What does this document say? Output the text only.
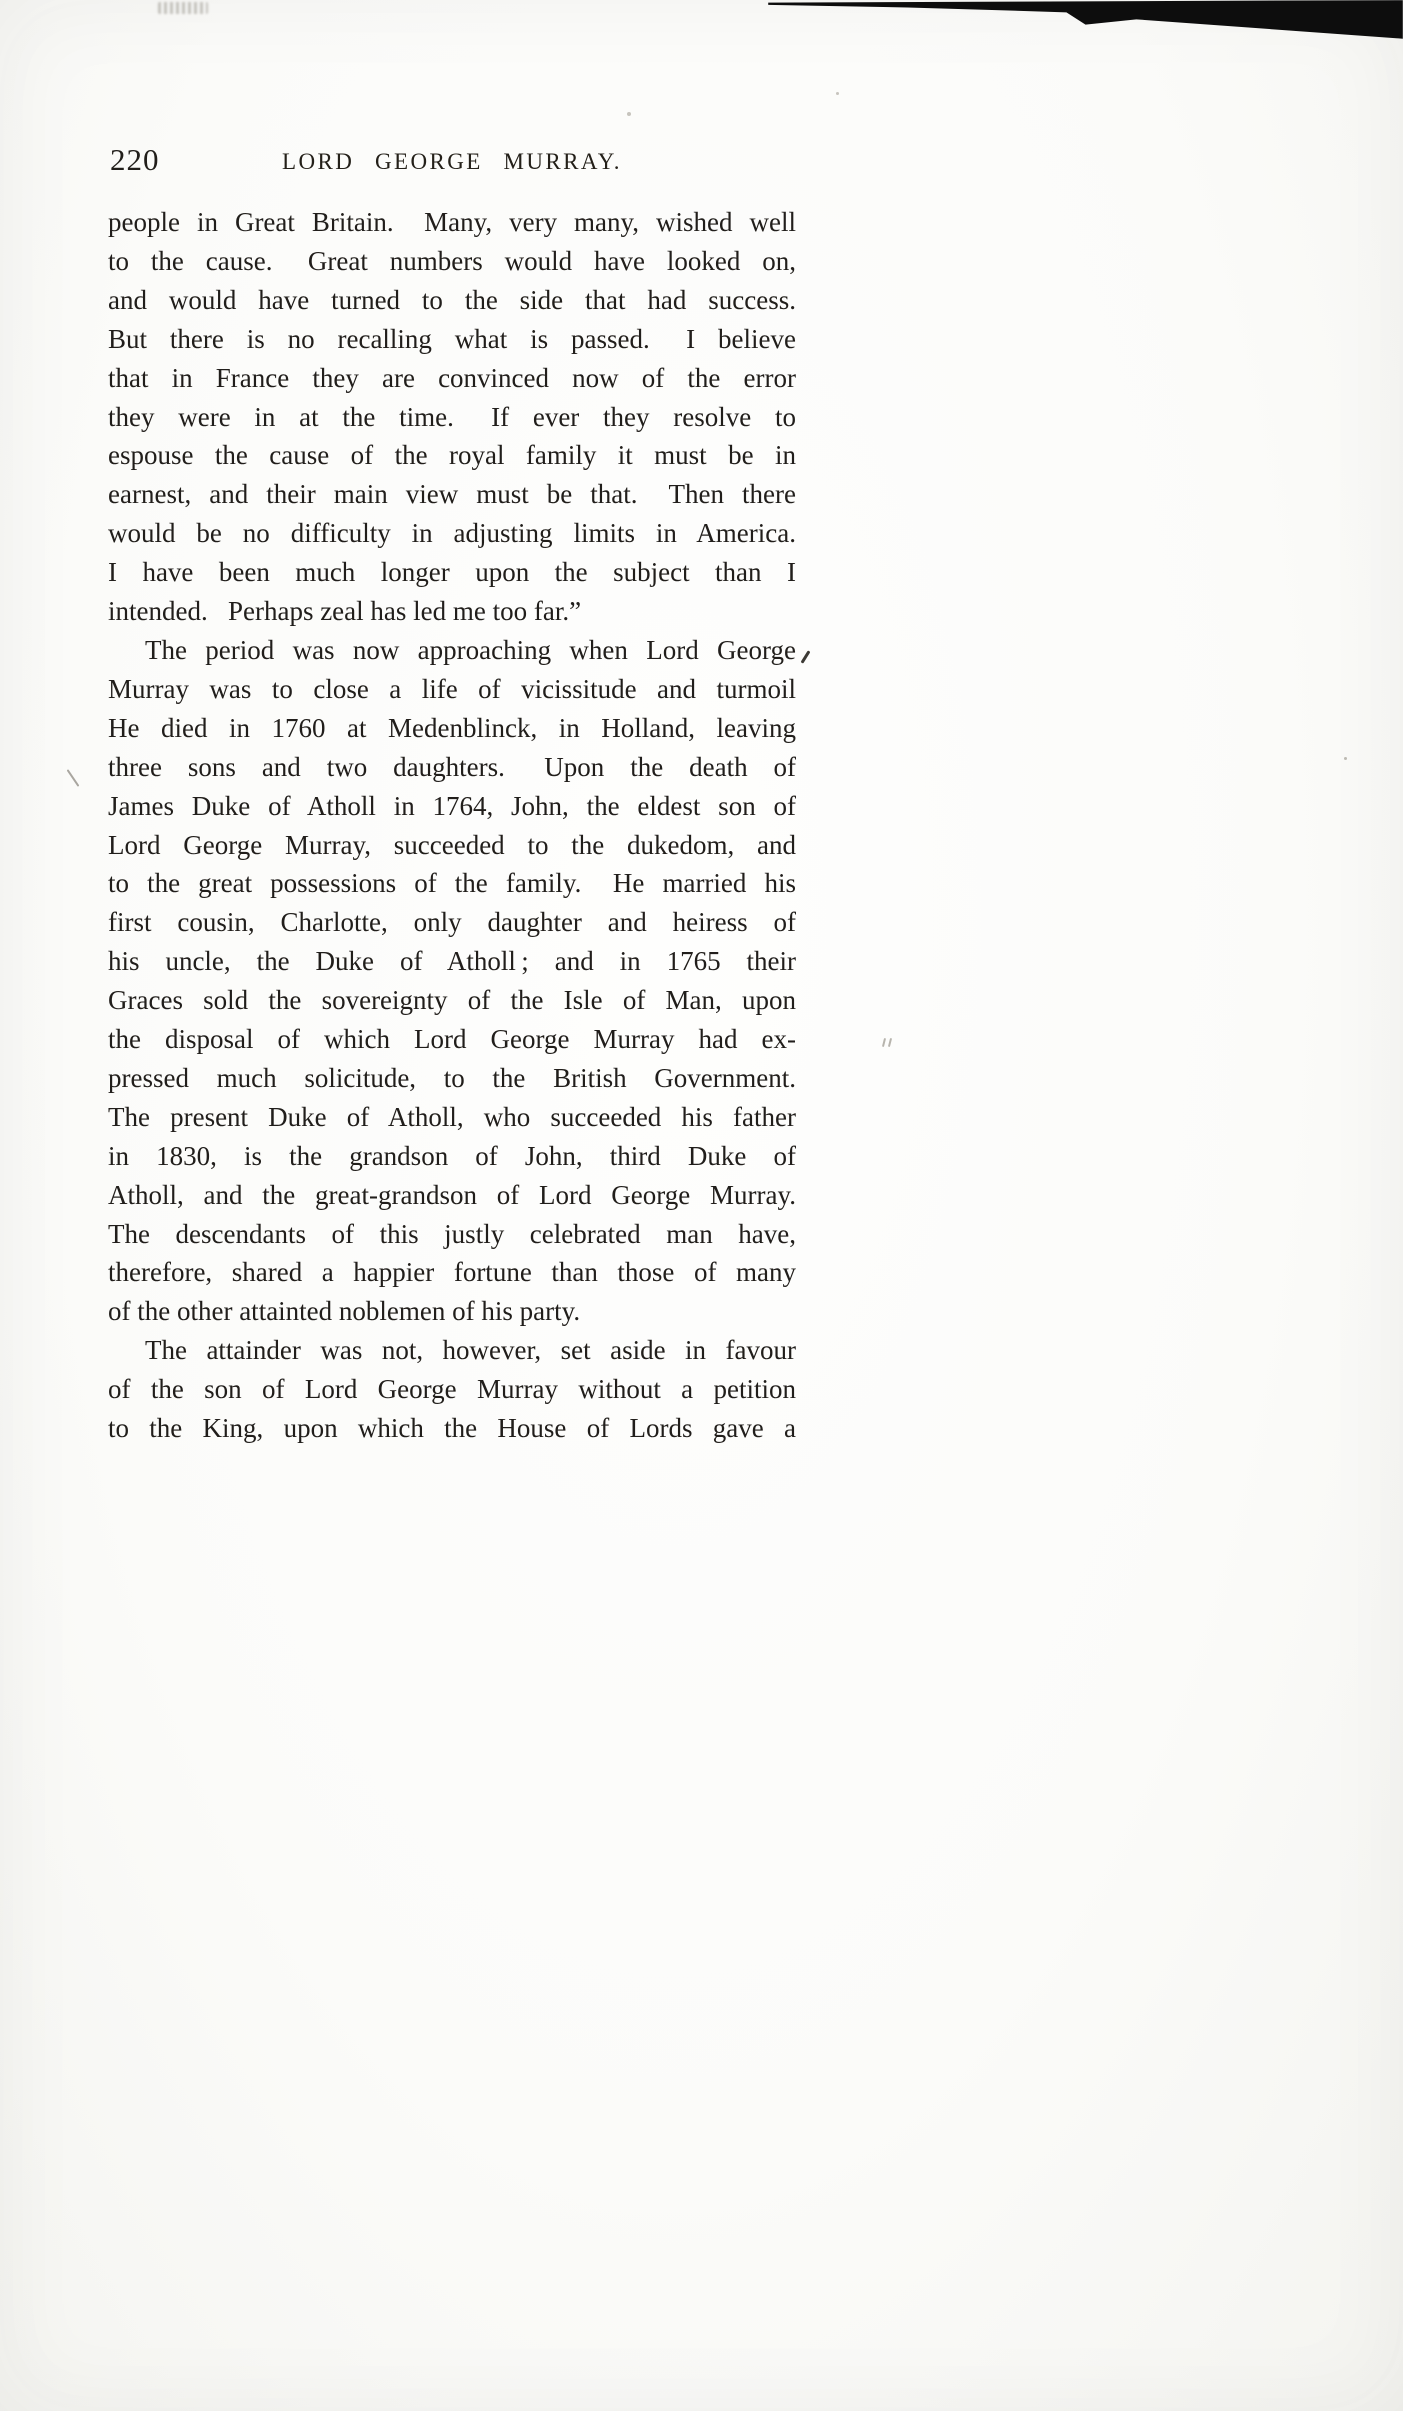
220	LORD GEORGE MURRAY.
people in Great Britain.  Many, very many, wished well
to the cause.  Great numbers would have looked on,
and would have turned to the side that had success.
But there is no recalling what is passed.  I believe
that in France they are convinced now of the error
they were in at the time.  If ever they resolve to
espouse the cause of the royal family it must be in
earnest, and their main view must be that.  Then there
would be no difficulty in adjusting limits in America.
I have been much longer upon the subject than I
intended.  Perhaps zeal has led me too far.”
The period was now approaching when Lord George
Murray was to close a life of vicissitude and turmoil
He died in 1760 at Medenblinck, in Holland, leaving
three sons and two daughters.  Upon the death of
James Duke of Atholl in 1764, John, the eldest son of
Lord George Murray, succeeded to the dukedom, and
to the great possessions of the family.  He married his
first cousin, Charlotte, only daughter and heiress of
his uncle, the Duke of Atholl ; and in 1765 their
Graces sold the sovereignty of the Isle of Man, upon
the disposal of which Lord George Murray had ex-
pressed much solicitude, to the British Government.
The present Duke of Atholl, who succeeded his father
in 1830, is the grandson of John, third Duke of
Atholl, and the great-grandson of Lord George Murray.
The descendants of this justly celebrated man have,
therefore, shared a happier fortune than those of many
of the other attainted noblemen of his party.
The attainder was not, however, set aside in favour
of the son of Lord George Murray without a petition
to the King, upon which the House of Lords gave a
